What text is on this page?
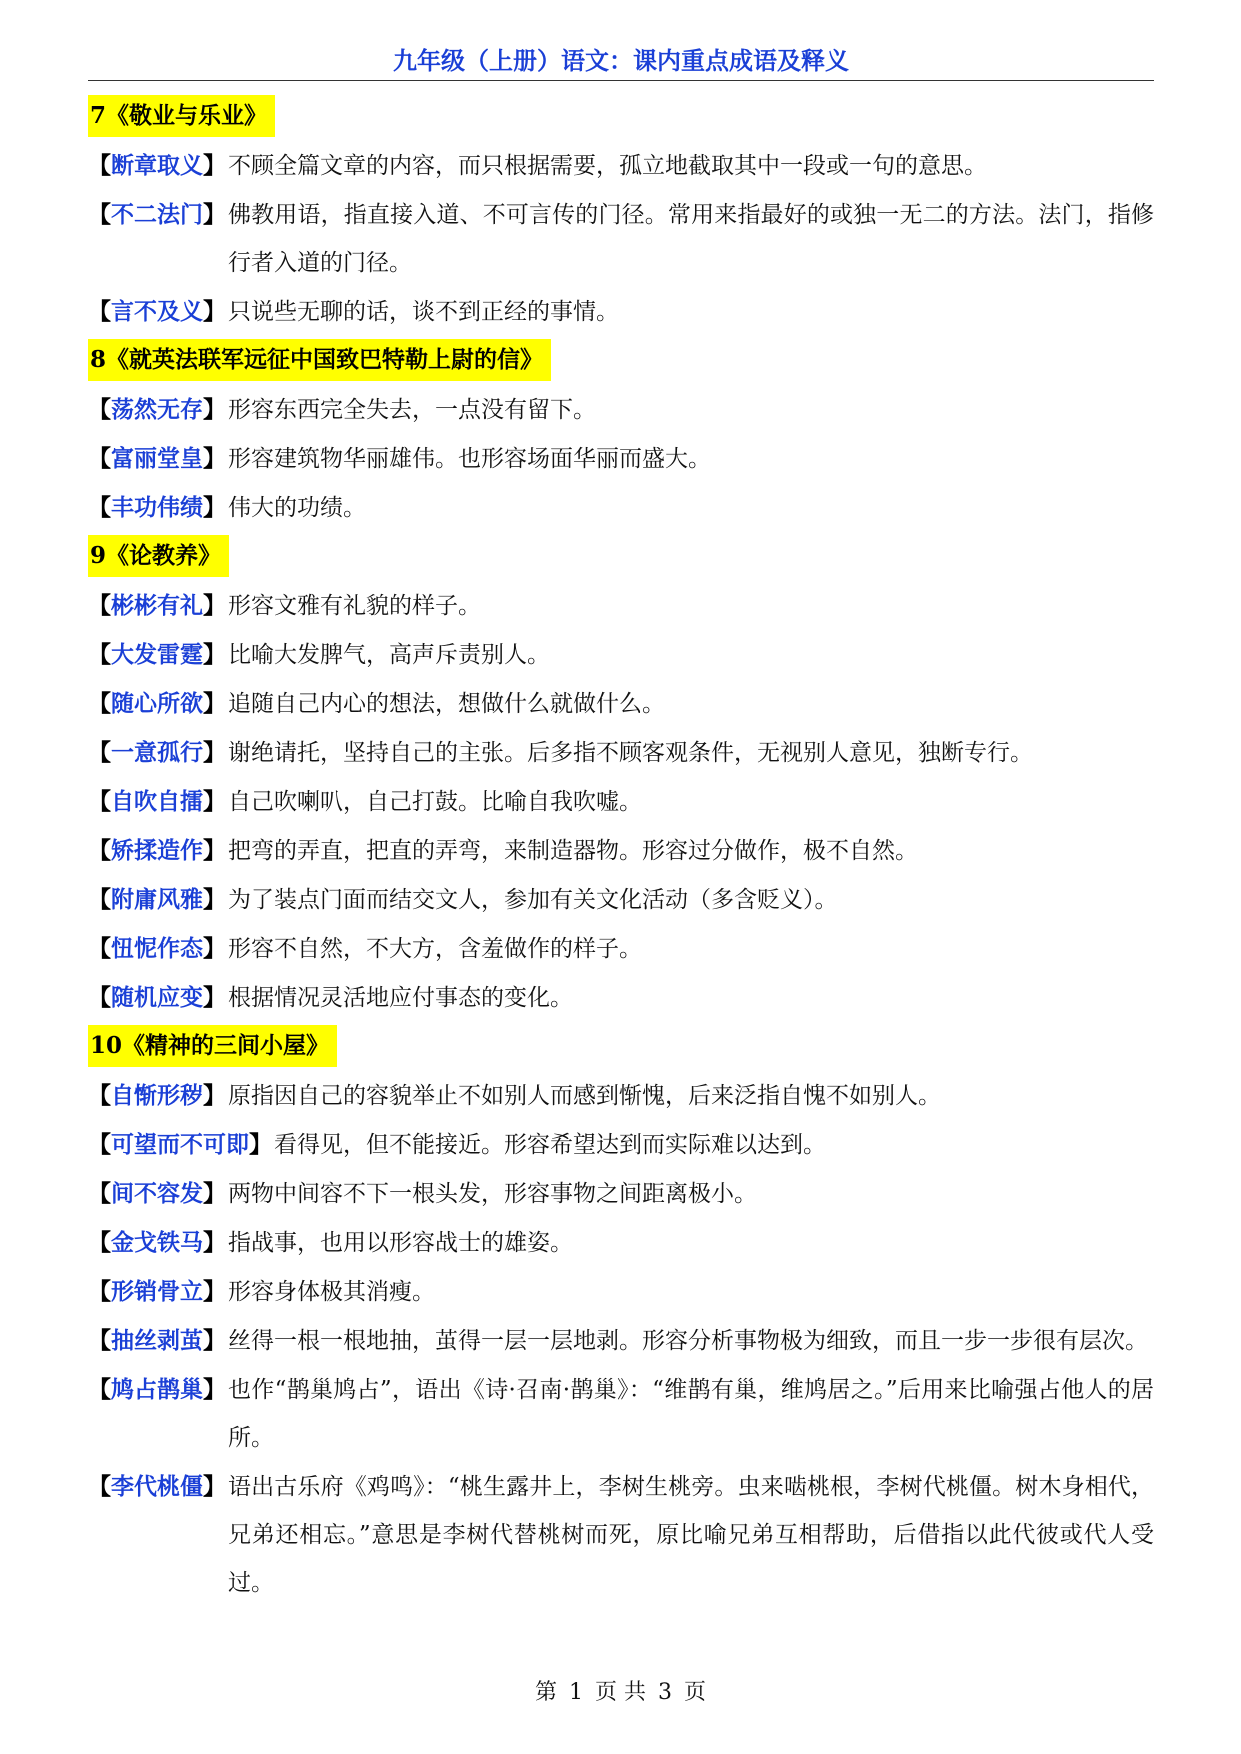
九年级（上册）语文：课内重点成语及释义
7《敬业与乐业》
【断章取义】 不顾全篇文章的内容，而只根据需要，孤立地截取其中一段或一句的意思。
【不二法门】 佛教用语，指直接入道、不可言传的门径。常用来指最好的或独一无二的方法。法门，指修行者入道的门径。
【言不及义】 只说些无聊的话，谈不到正经的事情。
8《就英法联军远征中国致巴特勒上尉的信》
【荡然无存】 形容东西完全失去，一点没有留下。
【富丽堂皇】 形容建筑物华丽雄伟。也形容场面华丽而盛大。
【丰功伟绩】 伟大的功绩。
9《论教养》
【彬彬有礼】 形容文雅有礼貌的样子。
【大发雷霆】 比喻大发脾气，高声斥责别人。
【随心所欲】 追随自己内心的想法，想做什么就做什么。
【一意孤行】 谢绝请托，坚持自己的主张。后多指不顾客观条件，无视别人意见，独断专行。
【自吹自擂】 自己吹喇叭，自己打鼓。比喻自我吹嘘。
【矫揉造作】 把弯的弄直，把直的弄弯，来制造器物。形容过分做作，极不自然。
【附庸风雅】 为了装点门面而结交文人，参加有关文化活动（多含贬义）。
【忸怩作态】 形容不自然，不大方，含羞做作的样子。
【随机应变】 根据情况灵活地应付事态的变化。
10《精神的三间小屋》
【自惭形秽】 原指因自己的容貌举止不如别人而感到惭愧，后来泛指自愧不如别人。
【可望而不可即】 看得见，但不能接近。形容希望达到而实际难以达到。
【间不容发】 两物中间容不下一根头发，形容事物之间距离极小。
【金戈铁马】 指战事，也用以形容战士的雄姿。
【形销骨立】 形容身体极其消瘦。
【抽丝剥茧】 丝得一根一根地抽，茧得一层一层地剥。形容分析事物极为细致，而且一步一步很有层次。
【鸠占鹊巢】 也作“鹊巢鸠占”，语出《诗·召南·鹊巢》：“维鹊有巢，维鸠居之。”后用来比喻强占他人的居所。
【李代桃僵】 语出古乐府《鸡鸣》：“桃生露井上，李树生桃旁。虫来啮桃根，李树代桃僵。树木身相代，兄弟还相忘。”意思是李树代替桃树而死，原比喻兄弟互相帮助，后借指以此代彼或代人受过。
第 1 页 共 3 页
